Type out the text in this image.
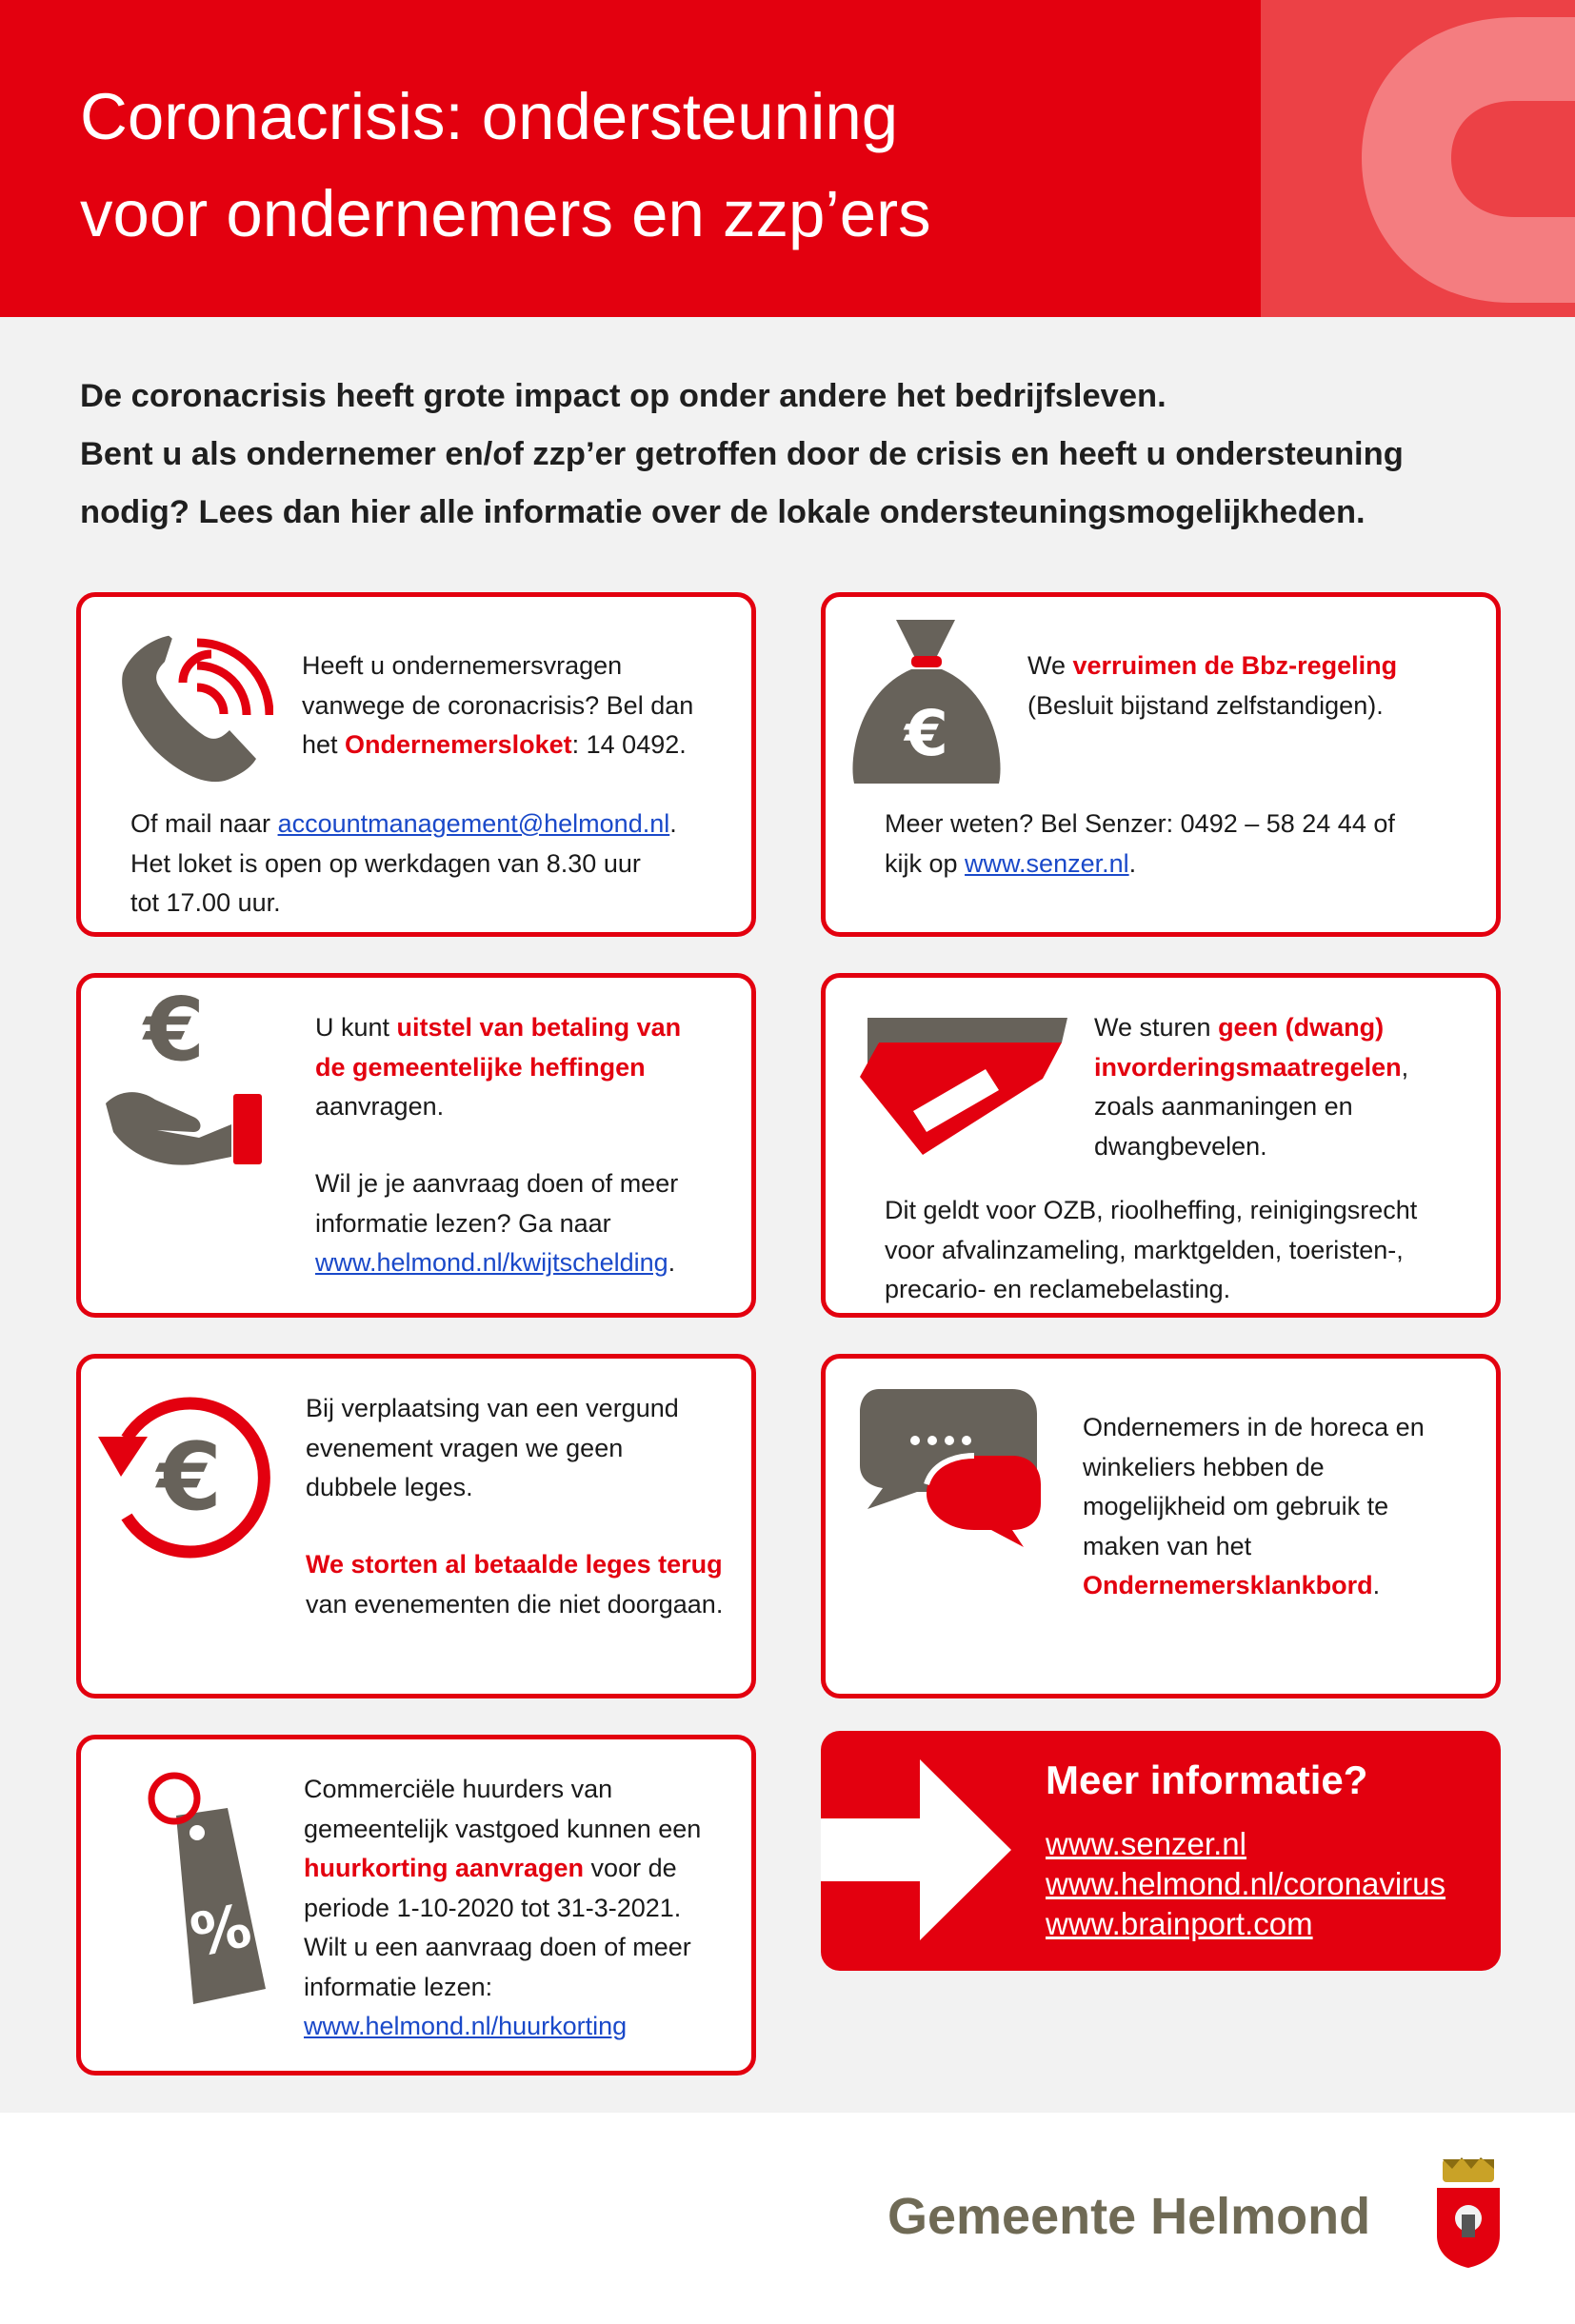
Coronacrisis: ondersteuning
voor ondernemers en zzp’ers
De coronacrisis heeft grote impact op onder andere het bedrijfsleven.
Bent u als ondernemer en/of zzp’er getroffen door de crisis en heeft u ondersteuning
nodig? Lees dan hier alle informatie over de lokale ondersteuningsmogelijkheden.

Heeft u ondernemersvragen
vanwege de coronacrisis? Bel dan
het Ondernemersloket: 14 0492.

Of mail naar accountmanagement@helmond.nl.
Het loket is open op werkdagen van 8.30 uur
tot 17.00 uur.

€

We verruimen de Bbz-regeling
(Besluit bijstand zelfstandigen).

Meer weten? Bel Senzer: 0492 – 58 24 44 of
kijk op www.senzer.nl.

€	U kunt uitstel van betaling van
de gemeentelijke heffingen
aanvragen.

Wil je je aanvraag doen of meer
informatie lezen? Ga naar
www.helmond.nl/kwijtschelding.

We sturen geen (dwang)
invorderingsmaatregelen,
zoals aanmaningen en
dwangbevelen.

Dit geldt voor OZB, rioolheffing, reinigingsrecht
voor afvalinzameling, marktgelden, toeristen-,
precario- en reclamebelasting.

€

Bij verplaatsing van een vergund
evenement vragen we geen
dubbele leges.

We storten al betaalde leges terug
van evenementen die niet doorgaan.

Ondernemers in de horeca en
winkeliers hebben de
mogelijkheid om gebruik te
maken van het
Ondernemersklankbord.

%

Commerciële huurders van
gemeentelijk vastgoed kunnen een
huurkorting aanvragen voor de
periode 1-10-2020 tot 31-3-2021.
Wilt u een aanvraag doen of meer
informatie lezen:
www.helmond.nl/huurkorting

Meer informatie?
www.senzer.nl
www.helmond.nl/coronavirus
www.brainport.com
Gemeente Helmond
